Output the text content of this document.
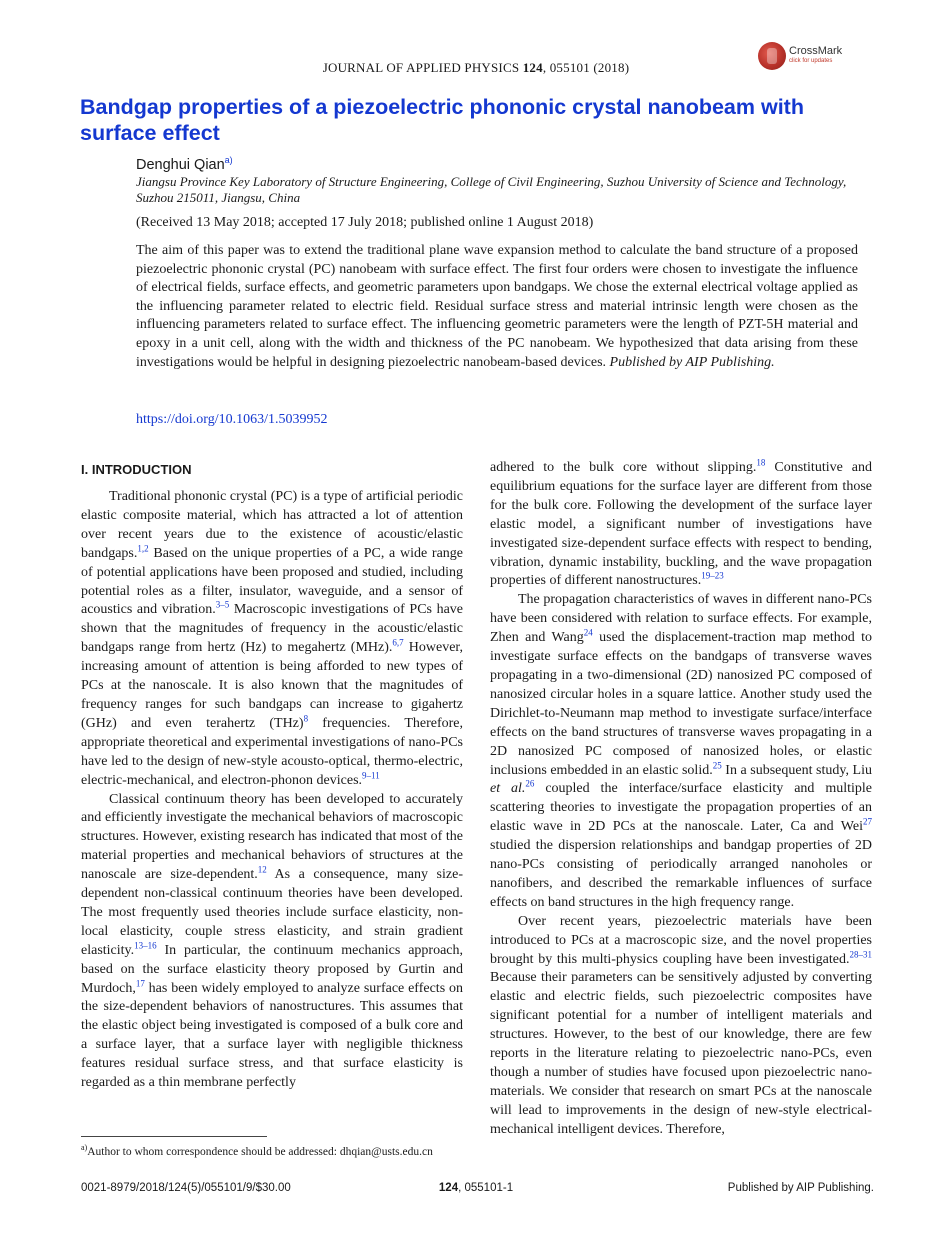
JOURNAL OF APPLIED PHYSICS 124, 055101 (2018)
CrossMark
click for updates
Bandgap properties of a piezoelectric phononic crystal nanobeam with surface effect
Denghui Qian$^{a)}$
Jiangsu Province Key Laboratory of Structure Engineering, College of Civil Engineering, Suzhou University of Science and Technology, Suzhou 215011, Jiangsu, China
(Received 13 May 2018; accepted 17 July 2018; published online 1 August 2018)
The aim of this paper was to extend the traditional plane wave expansion method to calculate the band structure of a proposed piezoelectric phononic crystal (PC) nanobeam with surface effect. The first four orders were chosen to investigate the influence of electrical fields, surface effects, and geometric parameters upon bandgaps. We chose the external electrical voltage applied as the influencing parameter related to electric field. Residual surface stress and material intrinsic length were chosen as the influencing parameters related to surface effect. The influencing geometric parameters were the length of PZT-5H material and epoxy in a unit cell, along with the width and thickness of the PC nanobeam. We hypothesized that data arising from these investigations would be helpful in designing piezoelectric nanobeam-based devices. Published by AIP Publishing.
https://doi.org/10.1063/1.5039952
I. INTRODUCTION

Traditional phononic crystal (PC) is a type of artificial periodic elastic composite material, which has attracted a lot of attention over recent years due to the existence of acoustic/elastic bandgaps.$^{1,2}$ Based on the unique properties of a PC, a wide range of potential applications have been proposed and studied, including potential roles as a filter, insulator, waveguide, and a sensor of acoustics and vibration.$^{3-5}$ Macroscopic investigations of PCs have shown that the magnitudes of frequency in the acoustic/elastic bandgaps range from hertz (Hz) to megahertz (MHz).$^{6,7}$ However, increasing amount of attention is being afforded to new types of PCs at the nanoscale. It is also known that the magnitudes of frequency ranges for such bandgaps can increase to gigahertz (GHz) and even terahertz (THz)$^8$ frequencies. Therefore, appropriate theoretical and experimental investigations of nano-PCs have led to the design of new-style acousto-optical, thermo-electric, electric-mechanical, and electron-phonon devices.$^{9-11}$

Classical continuum theory has been developed to accurately and efficiently investigate the mechanical behaviors of macroscopic structures. However, existing research has indicated that most of the material properties and mechanical behaviors of structures at the nanoscale are size-dependent.$^{12}$ As a consequence, many size-dependent non-classical continuum theories have been developed. The most frequently used theories include surface elasticity, non-local elasticity, couple stress elasticity, and strain gradient elasticity.$^{13-16}$ In particular, the continuum mechanics approach, based on the surface elasticity theory proposed by Gurtin and Murdoch,$^{17}$ has been widely employed to analyze surface effects on the size-dependent behaviors of nanostructures. This assumes that the elastic object being investigated is composed of a bulk core and a surface layer, that a surface layer with negligible thickness features residual surface stress, and that surface elasticity is regarded as a thin membrane perfectly

adhered to the bulk core without slipping.$^{18}$ Constitutive and equilibrium equations for the surface layer are different from those for the bulk core. Following the development of the surface layer elastic model, a significant number of investigations have investigated size-dependent surface effects with respect to bending, vibration, dynamic instability, buckling, and the wave propagation properties of different nanostructures.$^{19-23}$

The propagation characteristics of waves in different nano-PCs have been considered with relation to surface effects. For example, Zhen and Wang$^{24}$ used the displacement-traction map method to investigate surface effects on the bandgaps of transverse waves propagating in a two-dimensional (2D) nanosized PC composed of nanosized circular holes in a square lattice. Another study used the Dirichlet-to-Neumann map method to investigate surface/interface effects on the band structures of transverse waves propagating in a 2D nanosized PC composed of nanosized holes, or elastic inclusions embedded in an elastic solid.$^{25}$ In a subsequent study, Liu et al.$^{26}$ coupled the interface/surface elasticity and multiple scattering theories to investigate the propagation properties of an elastic wave in 2D PCs at the nanoscale. Later, Ca and Wei$^{27}$ studied the dispersion relationships and bandgap properties of 2D nano-PCs consisting of periodically arranged nanoholes or nanofibers, and described the remarkable influences of surface effects on band structures in the high frequency range.

Over recent years, piezoelectric materials have been introduced to PCs at a macroscopic size, and the novel properties brought by this multi-physics coupling have been investigated.$^{28-31}$ Because their parameters can be sensitively adjusted by converting elastic and electric fields, such piezoelectric composites have significant potential for a number of intelligent materials and structures. However, to the best of our knowledge, there are few reports in the literature relating to piezoelectric nano-PCs, even though a number of studies have focused upon piezoelectric nano-materials. We consider that research on smart PCs at the nanoscale will lead to improvements in the design of new-style electrical-mechanical intelligent devices. Therefore,

$^{a)}$Author to whom correspondence should be addressed: dhqian@usts.edu.cn
0021-8979/2018/124(5)/055101/9/$30.00	124, 055101-1	Published by AIP Publishing.
